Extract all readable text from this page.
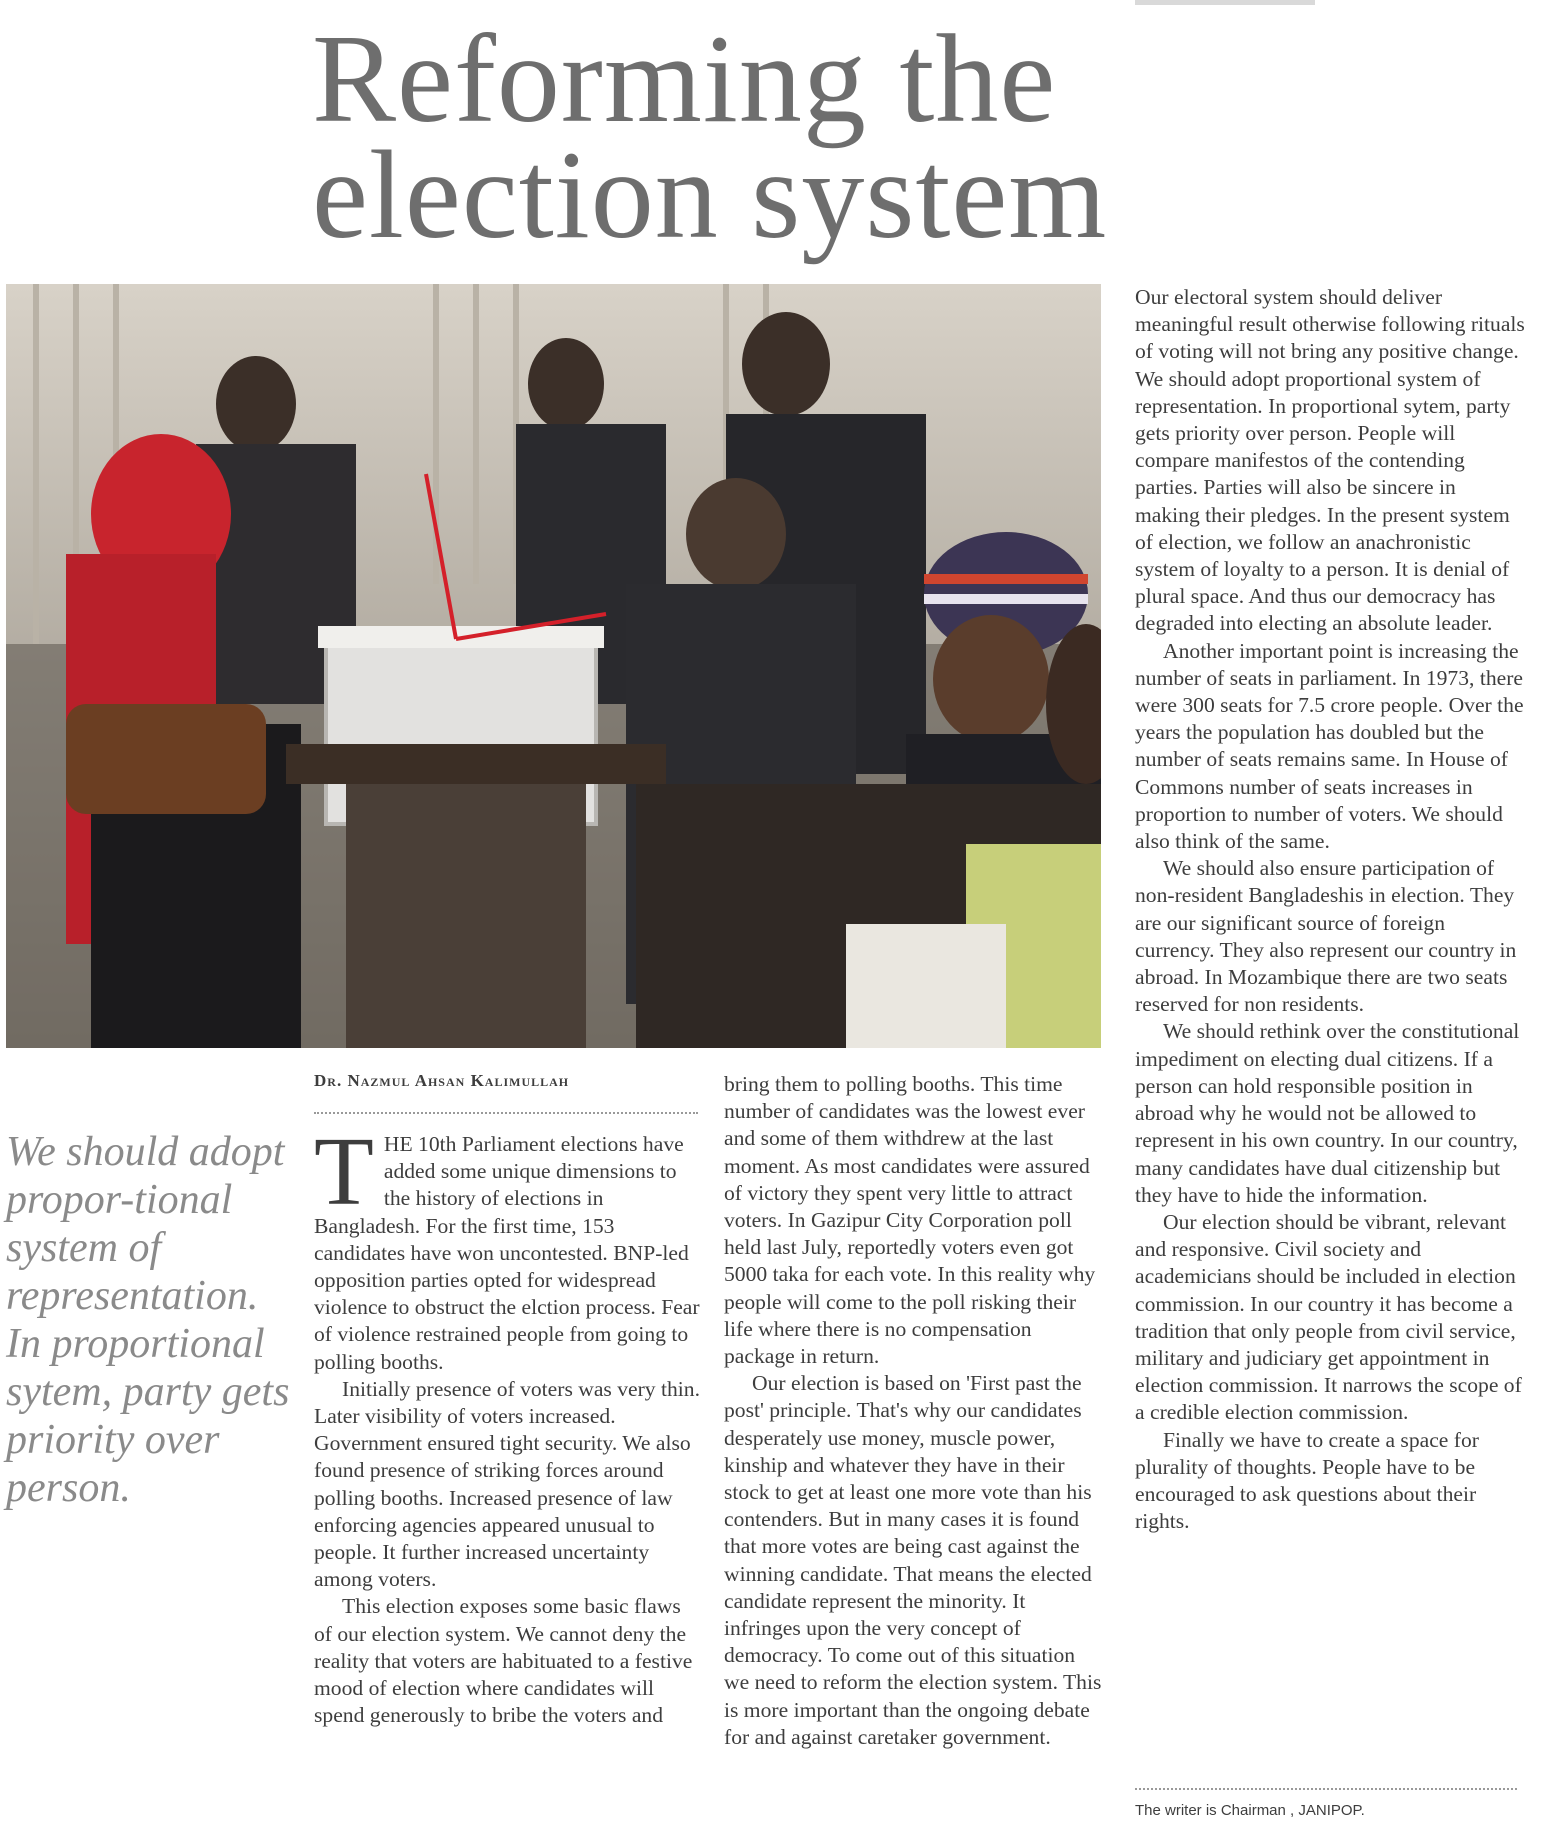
Reforming the election system

We should adopt propor-tional system of representation. In proportional sytem, party gets priority over person.

Dr. Nazmul Ahsan Kalimullah

THE 10th Parliament elections have added some unique dimensions to the history of elections in Bangladesh. For the first time, 153 candidates have won uncontested. BNP-led opposition parties opted for widespread violence to obstruct the elction process. Fear of violence restrained people from going to polling booths.

Initially presence of voters was very thin. Later visibility of voters increased. Government ensured tight security. We also found presence of striking forces around polling booths. Increased presence of law enforcing agencies appeared unusual to people. It further increased uncertainty among voters.

This election exposes some basic flaws of our election system. We cannot deny the reality that voters are habituated to a festive mood of election where candidates will spend generously to bribe the voters and

bring them to polling booths. This time number of candidates was the lowest ever and some of them withdrew at the last moment. As most candidates were assured of victory they spent very little to attract voters. In Gazipur City Corporation poll held last July, reportedly voters even got 5000 taka for each vote. In this reality why people will come to the poll risking their life where there is no compensation package in return.

Our election is based on 'First past the post' principle. That's why our candidates desperately use money, muscle power, kinship and whatever they have in their stock to get at least one more vote than his contenders. But in many cases it is found that more votes are being cast against the winning candidate. That means the elected candidate represent the minority. It infringes upon the very concept of democracy. To come out of this situation we need to reform the election system. This is more important than the ongoing debate for and against caretaker government.

Our electoral system should deliver meaningful result otherwise following rituals of voting will not bring any positive change. We should adopt proportional system of representation. In proportional sytem, party gets priority over person. People will compare manifestos of the contending parties. Parties will also be sincere in making their pledges. In the present system of election, we follow an anachronistic system of loyalty to a person. It is denial of plural space. And thus our democracy has degraded into electing an absolute leader.

Another important point is increasing the number of seats in parliament. In 1973, there were 300 seats for 7.5 crore people. Over the years the population has doubled but the number of seats remains same. In House of Commons number of seats increases in proportion to number of voters. We should also think of the same.

We should also ensure participation of non-resident Bangladeshis in election. They are our significant source of foreign currency. They also represent our country in abroad. In Mozambique there are two seats reserved for non residents.

We should rethink over the constitutional impediment on electing dual citizens. If a person can hold responsible position in abroad why he would not be allowed to represent in his own country. In our country, many candidates have dual citizenship but they have to hide the information.

Our election should be vibrant, relevant and responsive. Civil society and academicians should be included in election commission. In our country it has become a tradition that only people from civil service, military and judiciary get appointment in election commission. It narrows the scope of a credible election commission.

Finally we have to create a space for plurality of thoughts. People have to be encouraged to ask questions about their rights.

The writer is Chairman , JANIPOP.
